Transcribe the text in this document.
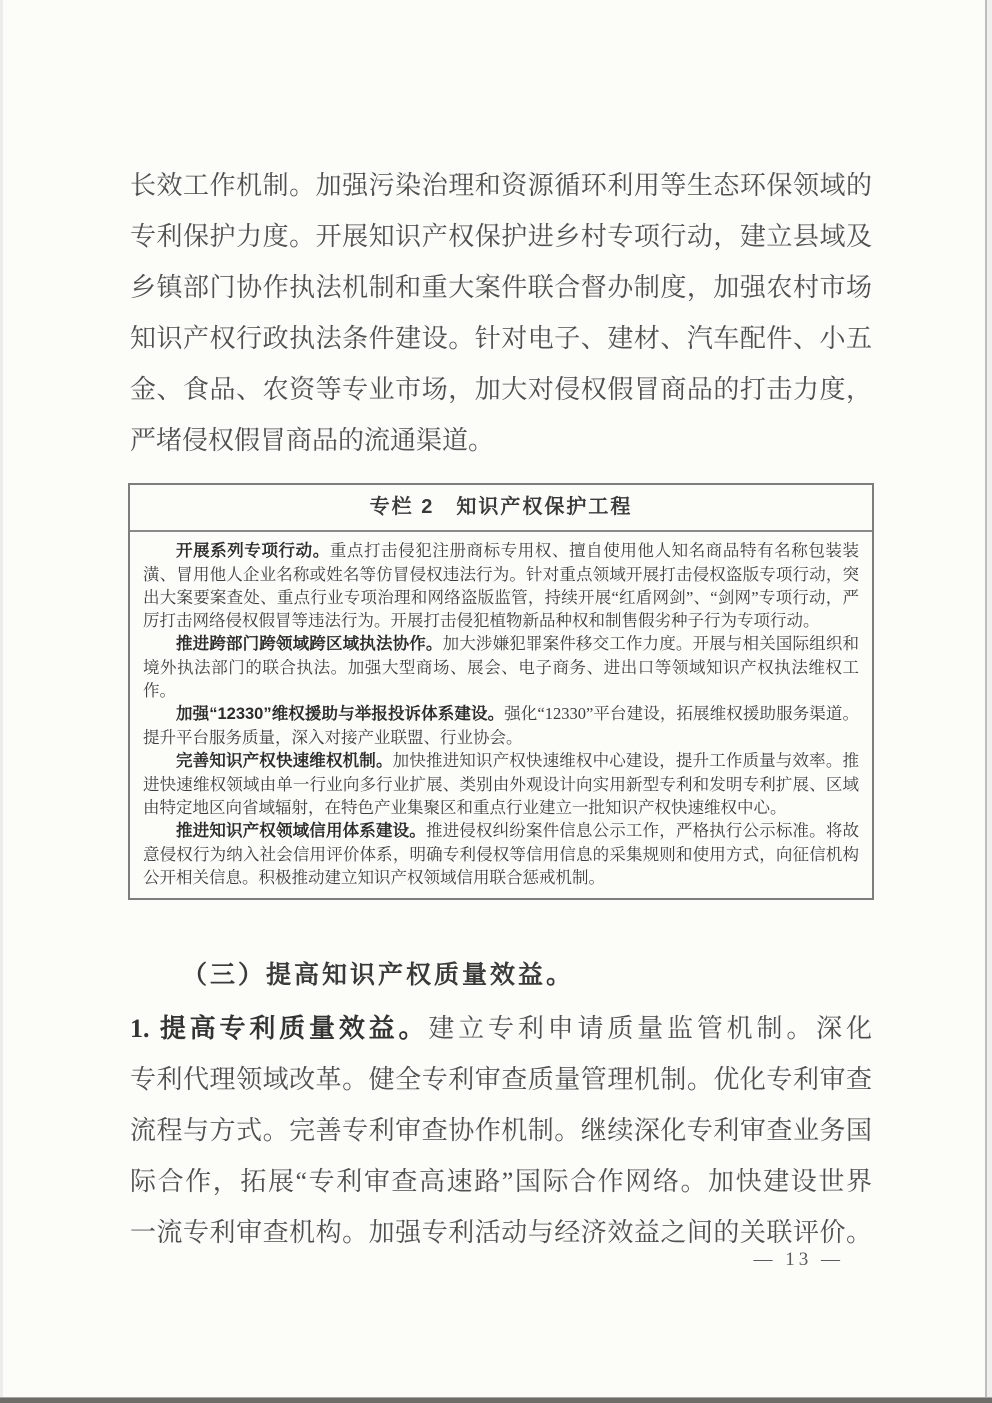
长效工作机制。加强污染治理和资源循环利用等生态环保领域的
专利保护力度。开展知识产权保护进乡村专项行动，建立县域及
乡镇部门协作执法机制和重大案件联合督办制度，加强农村市场
知识产权行政执法条件建设。针对电子、建材、汽车配件、小五
金、食品、农资等专业市场，加大对侵权假冒商品的打击力度，
严堵侵权假冒商品的流通渠道。
专栏 2　知识产权保护工程

开展系列专项行动。重点打击侵犯注册商标专用权、擅自使用他人知名商品特有名称包装装潢、冒用他人企业名称或姓名等仿冒侵权违法行为。针对重点领域开展打击侵权盗版专项行动，突出大案要案查处、重点行业专项治理和网络盗版监管，持续开展“红盾网剑”、“剑网”专项行动，严厉打击网络侵权假冒等违法行为。开展打击侵犯植物新品种权和制售假劣种子行为专项行动。

推进跨部门跨领域跨区域执法协作。加大涉嫌犯罪案件移交工作力度。开展与相关国际组织和境外执法部门的联合执法。加强大型商场、展会、电子商务、进出口等领域知识产权执法维权工作。

加强“12330”维权援助与举报投诉体系建设。强化“12330”平台建设，拓展维权援助服务渠道。提升平台服务质量，深入对接产业联盟、行业协会。

完善知识产权快速维权机制。加快推进知识产权快速维权中心建设，提升工作质量与效率。推进快速维权领域由单一行业向多行业扩展、类别由外观设计向实用新型专利和发明专利扩展、区域由特定地区向省域辐射，在特色产业集聚区和重点行业建立一批知识产权快速维权中心。

推进知识产权领域信用体系建设。推进侵权纠纷案件信息公示工作，严格执行公示标准。将故意侵权行为纳入社会信用评价体系，明确专利侵权等信用信息的采集规则和使用方式，向征信机构公开相关信息。积极推动建立知识产权领域信用联合惩戒机制。

（三）提高知识产权质量效益。
1. 提高专利质量效益。建立专利申请质量监管机制。深化
专利代理领域改革。健全专利审查质量管理机制。优化专利审查
流程与方式。完善专利审查协作机制。继续深化专利审查业务国
际合作，拓展“专利审查高速路”国际合作网络。加快建设世界
一流专利审查机构。加强专利活动与经济效益之间的关联评价。
— 13 —
